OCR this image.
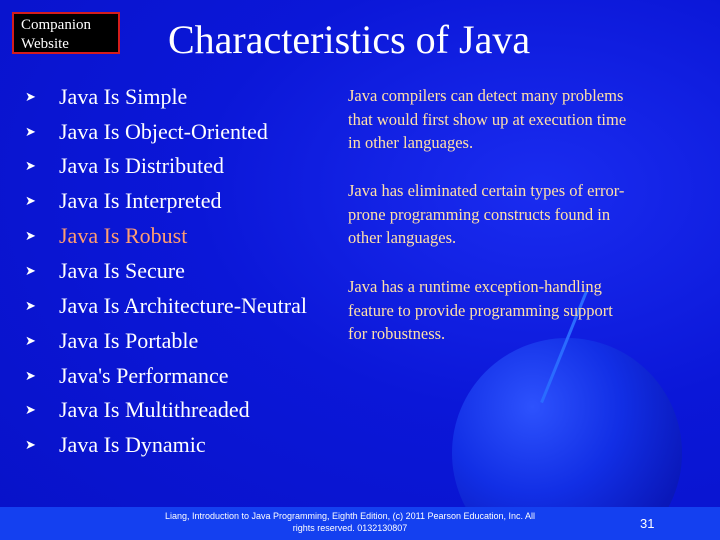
Companion
Website	Characteristics of Java
➤ Java Is Simple
➤ Java Is Object-Oriented
➤ Java Is Distributed
➤ Java Is Interpreted
➤ Java Is Robust
➤ Java Is Secure
➤ Java Is Architecture-Neutral
➤ Java Is Portable
➤ Java's Performance
➤ Java Is Multithreaded
➤ Java Is Dynamic
Java compilers can detect many problems
that would first show up at execution time
in other languages.
Java has eliminated certain types of error-
prone programming constructs found in
other languages.
Java has a runtime exception-handling
feature to provide programming support
for robustness.
Liang, Introduction to Java Programming, Eighth Edition, (c) 2011 Pearson Education, Inc. All
rights reserved. 0132130807	31
